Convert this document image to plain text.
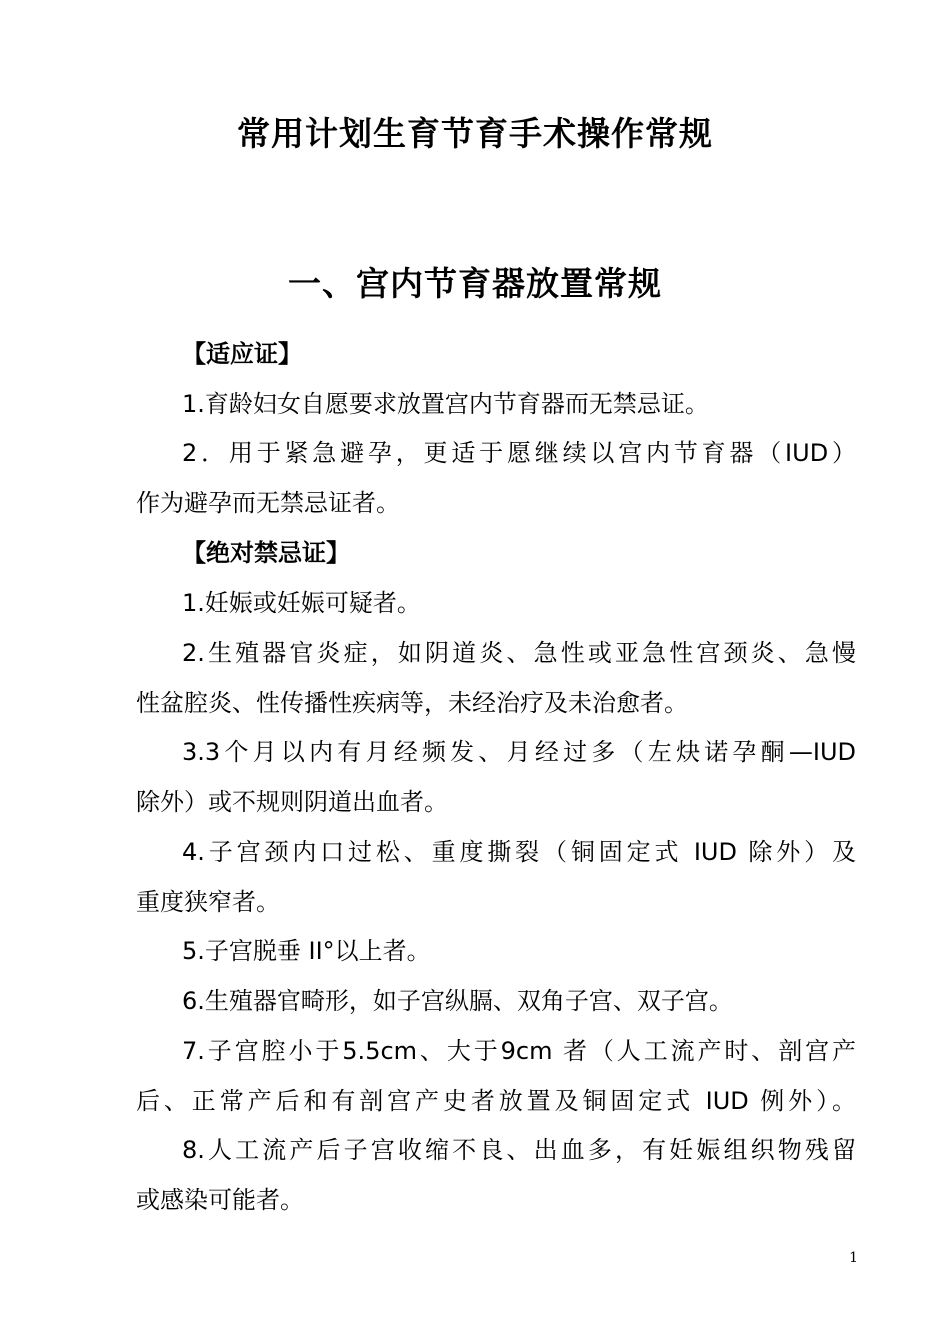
常用计划生育节育手术操作常规
一、宫内节育器放置常规
【适应证】
1.育龄妇女自愿要求放置宫内节育器而无禁忌证。
2．用于紧急避孕，更适于愿继续以宫内节育器（IUD）
作为避孕而无禁忌证者。
【绝对禁忌证】
1.妊娠或妊娠可疑者。
2.生殖器官炎症，如阴道炎、急性或亚急性宫颈炎、急慢
性盆腔炎、性传播性疾病等，未经治疗及未治愈者。
3.3个月以内有月经频发、月经过多（左炔诺孕酮—IUD
除外）或不规则阴道出血者。
4.子宫颈内口过松、重度撕裂（铜固定式 IUD 除外）及
重度狭窄者。
5.子宫脱垂 II°以上者。
6.生殖器官畸形，如子宫纵膈、双角子宫、双子宫。
7.子宫腔小于5.5cm、大于9cm 者（人工流产时、剖宫产
后、正常产后和有剖宫产史者放置及铜固定式 IUD 例外）。
8.人工流产后子宫收缩不良、出血多，有妊娠组织物残留
或感染可能者。
1
